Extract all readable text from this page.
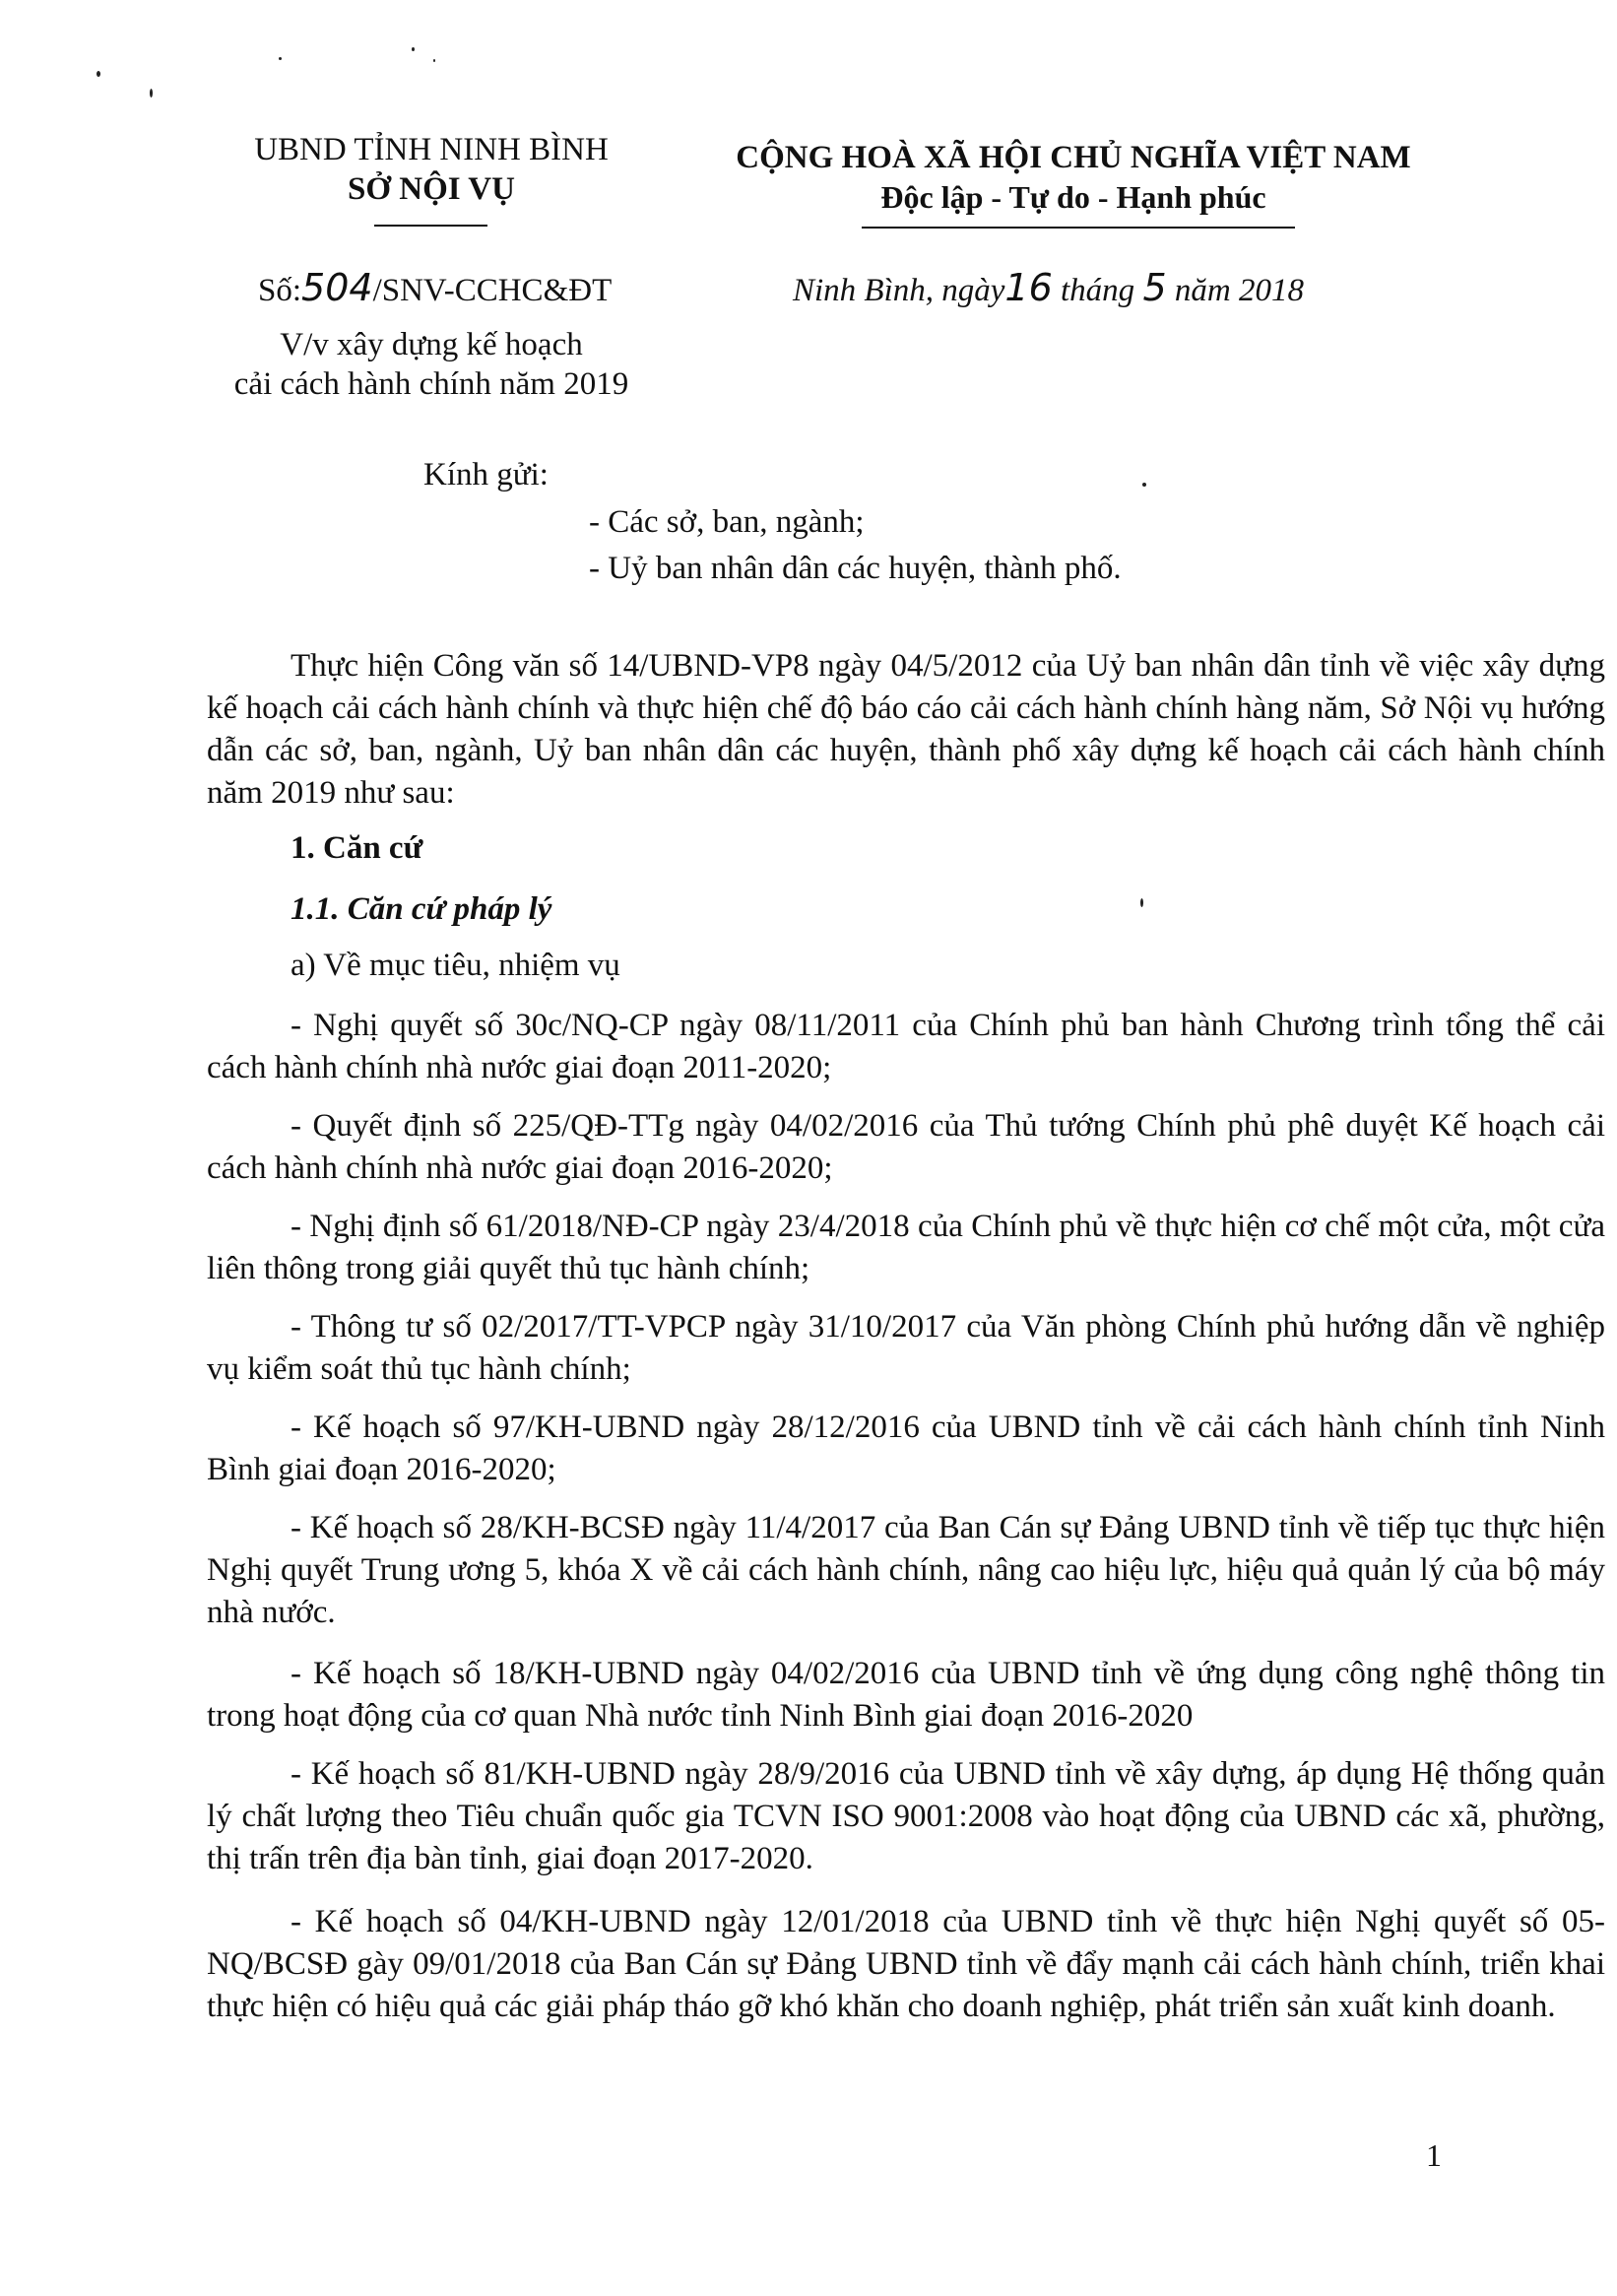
UBND TỈNH NINH BÌNH
SỞ NỘI VỤ
CỘNG HOÀ XÃ HỘI CHỦ NGHĨA VIỆT NAM
Độc lập - Tự do - Hạnh phúc
Số:504/SNV-CCHC&ĐT	Ninh Bình, ngày16 tháng 5 năm 2018
V/v xây dựng kế hoạch
cải cách hành chính năm 2019
Kính gửi:
- Các sở, ban, ngành;
- Uỷ ban nhân dân các huyện, thành phố.

Thực hiện Công văn số 14/UBND-VP8 ngày 04/5/2012 của Uỷ ban nhân dân tỉnh về việc xây dựng kế hoạch cải cách hành chính và thực hiện chế độ báo cáo cải cách hành chính hàng năm, Sở Nội vụ hướng dẫn các sở, ban, ngành, Uỷ ban nhân dân các huyện, thành phố xây dựng kế hoạch cải cách hành chính năm 2019 như sau:

1. Căn cứ
1.1. Căn cứ pháp lý
a) Về mục tiêu, nhiệm vụ

- Nghị quyết số 30c/NQ-CP ngày 08/11/2011 của Chính phủ ban hành Chương trình tổng thể cải cách hành chính nhà nước giai đoạn 2011-2020;

- Quyết định số 225/QĐ-TTg ngày 04/02/2016 của Thủ tướng Chính phủ phê duyệt Kế hoạch cải cách hành chính nhà nước giai đoạn 2016-2020;

- Nghị định số 61/2018/NĐ-CP ngày 23/4/2018 của Chính phủ về thực hiện cơ chế một cửa, một cửa liên thông trong giải quyết thủ tục hành chính;

- Thông tư số 02/2017/TT-VPCP ngày 31/10/2017 của Văn phòng Chính phủ hướng dẫn về nghiệp vụ kiểm soát thủ tục hành chính;

- Kế hoạch số 97/KH-UBND ngày 28/12/2016 của UBND tỉnh về cải cách hành chính tỉnh Ninh Bình giai đoạn 2016-2020;

- Kế hoạch số 28/KH-BCSĐ ngày 11/4/2017 của Ban Cán sự Đảng UBND tỉnh về tiếp tục thực hiện Nghị quyết Trung ương 5, khóa X về cải cách hành chính, nâng cao hiệu lực, hiệu quả quản lý của bộ máy nhà nước.

- Kế hoạch số 18/KH-UBND ngày 04/02/2016 của UBND tỉnh về ứng dụng công nghệ thông tin trong hoạt động của cơ quan Nhà nước tỉnh Ninh Bình giai đoạn 2016-2020

- Kế hoạch số 81/KH-UBND ngày 28/9/2016 của UBND tỉnh về xây dựng, áp dụng Hệ thống quản lý chất lượng theo Tiêu chuẩn quốc gia TCVN ISO 9001:2008 vào hoạt động của UBND các xã, phường, thị trấn trên địa bàn tỉnh, giai đoạn 2017-2020.

- Kế hoạch số 04/KH-UBND ngày 12/01/2018 của UBND tỉnh về thực hiện Nghị quyết số 05-NQ/BCSĐ gày 09/01/2018 của Ban Cán sự Đảng UBND tỉnh về đẩy mạnh cải cách hành chính, triển khai thực hiện có hiệu quả các giải pháp tháo gỡ khó khăn cho doanh nghiệp, phát triển sản xuất kinh doanh.

1
